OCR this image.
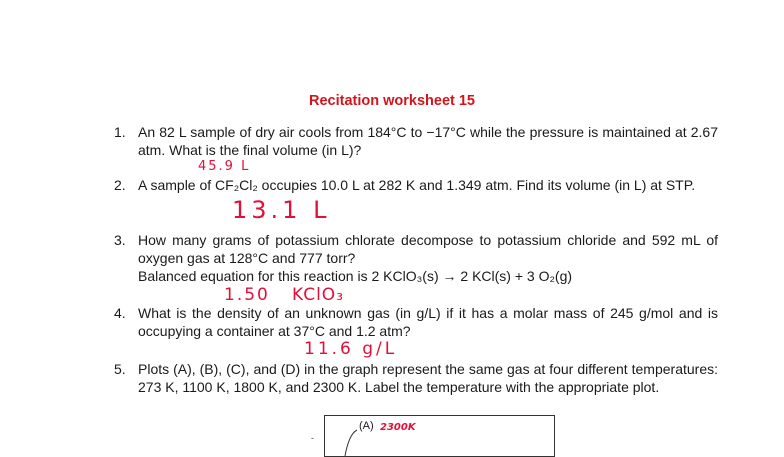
Recitation worksheet 15
1. An 82 L sample of dry air cools from 184°C to −17°C while the pressure is maintained at 2.67 atm. What is the final volume (in L)?
45.9 L
2. A sample of CF₂Cl₂ occupies 10.0 L at 282 K and 1.349 atm. Find its volume (in L) at STP.
13.1 L
3. How many grams of potassium chlorate decompose to potassium chloride and 592 mL of oxygen gas at 128°C and 777 torr?
Balanced equation for this reaction is 2 KClO₃(s) → 2 KCl(s) + 3 O₂(g)
1.50 KClO₃
4. What is the density of an unknown gas (in g/L) if it has a molar mass of 245 g/mol and is occupying a container at 37°C and 1.2 atm?
11.6 g/L
5. Plots (A), (B), (C), and (D) in the graph represent the same gas at four different temperatures: 273 K, 1100 K, 1800 K, and 2300 K. Label the temperature with the appropriate plot.
-
(A) 2300K
